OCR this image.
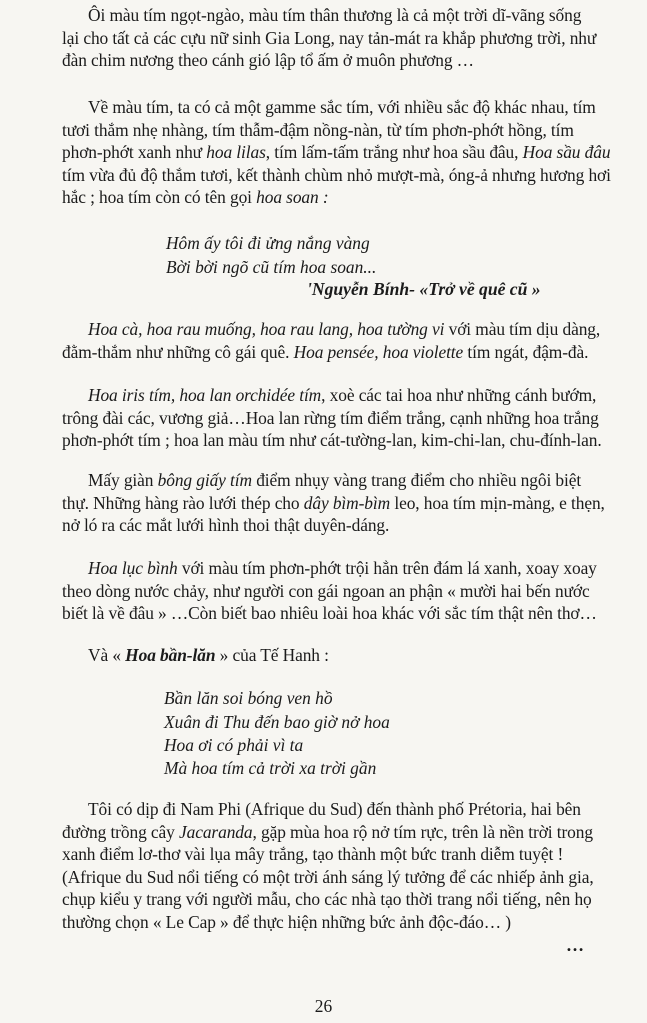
Ôi màu tím ngọt-ngào, màu tím thân thương là cả một trời dĩ-vãng sống
lại cho tất cả các cựu nữ sinh Gia Long, nay tản-mát ra khắp phương trời, như
đàn chim nương theo cánh gió lập tổ ấm ở muôn phương …

Về màu tím, ta có cả một gamme sắc tím, với nhiều sắc độ khác nhau, tím
tươi thắm nhẹ nhàng, tím thẫm-đậm nồng-nàn, từ tím phơn-phớt hồng, tím
phơn-phớt xanh như hoa lilas, tím lấm-tấm trắng như hoa sầu đâu, Hoa sầu đâu
tím vừa đủ độ thắm tươi, kết thành chùm nhỏ mượt-mà, óng-ả nhưng hương hơi
hắc ; hoa tím còn có tên gọi hoa soan :

Hôm ấy tôi đi ửng nắng vàng

Bời bời ngõ cũ tím hoa soan...

'Nguyễn Bính- «Trở về quê cũ »

Hoa cà, hoa rau muống, hoa rau lang, hoa tường vi với màu tím dịu dàng,
đằm-thắm như những cô gái quê. Hoa pensée, hoa violette tím ngát, đậm-đà.

Hoa iris tím, hoa lan orchidée tím, xoè các tai hoa như những cánh bướm,
trông đài các, vương giả…Hoa lan rừng tím điểm trắng, cạnh những hoa trắng
phơn-phớt tím ; hoa lan màu tím như cát-tường-lan, kim-chi-lan, chu-đính-lan.

Mấy giàn bông giấy tím điểm nhụy vàng trang điểm cho nhiều ngôi biệt
thự. Những hàng rào lưới thép cho dây bìm-bìm leo, hoa tím mịn-màng, e thẹn,
nở ló ra các mắt lưới hình thoi thật duyên-dáng.

Hoa lục bình với màu tím phơn-phớt trội hẳn trên đám lá xanh, xoay xoay
theo dòng nước chảy, như người con gái ngoan an phận « mười hai bến nước
biết là về đâu » …Còn biết bao nhiêu loài hoa khác với sắc tím thật nên thơ…

Và « Hoa bần-lăn » của Tế Hanh :

Bần lăn soi bóng ven hồ

Xuân đi Thu đến bao giờ nở hoa

Hoa ơi có phải vì ta

Mà hoa tím cả trời xa trời gần

Tôi có dịp đi Nam Phi (Afrique du Sud) đến thành phố Prétoria, hai bên
đường trồng cây Jacaranda, gặp mùa hoa rộ nở tím rực, trên là nền trời trong
xanh điểm lơ-thơ vài lụa mây trắng, tạo thành một bức tranh diễm tuyệt !
(Afrique du Sud nổi tiếng có một trời ánh sáng lý tưởng để các nhiếp ảnh gia,
chụp kiểu y trang với người mẫu, cho các nhà tạo thời trang nổi tiếng, nên họ
thường chọn « Le Cap » để thực hiện những bức ảnh độc-đáo… )

…

26
